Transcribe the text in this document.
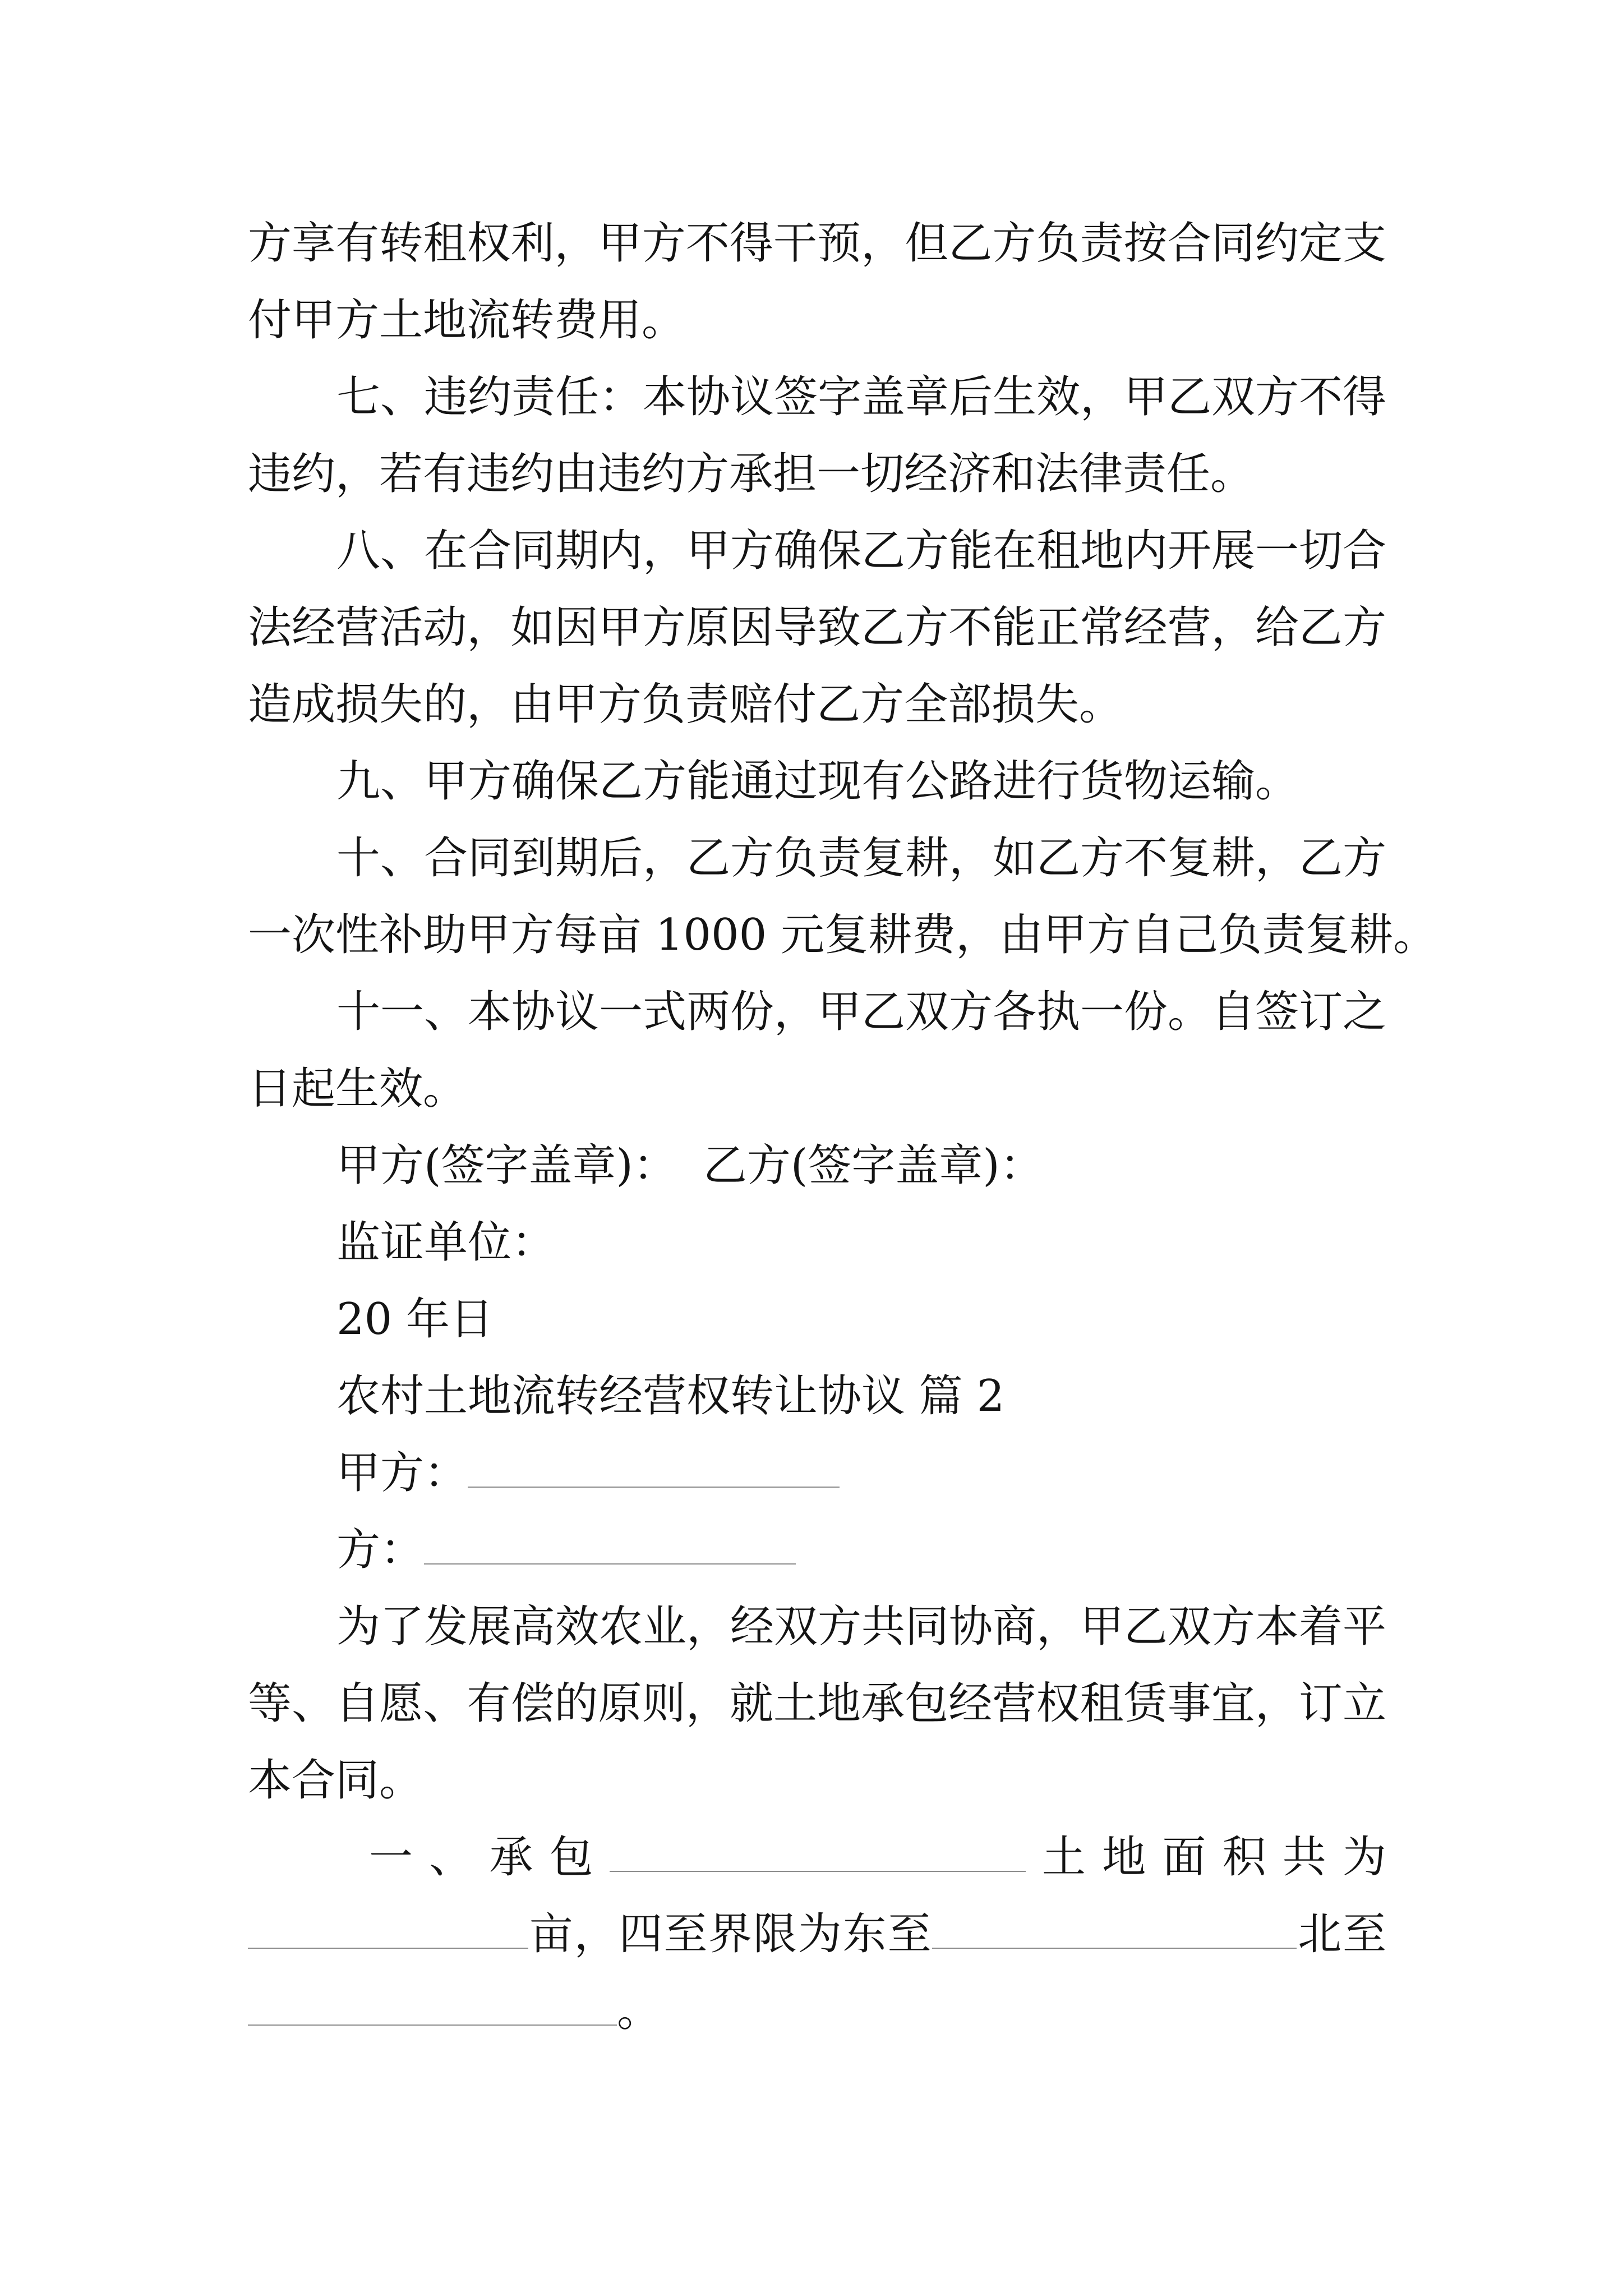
方享有转租权利，甲方不得干预，但乙方负责按合同约定支
付甲方土地流转费用。
七、违约责任：本协议签字盖章后生效，甲乙双方不得
违约，若有违约由违约方承担一切经济和法律责任。
八、在合同期内，甲方确保乙方能在租地内开展一切合
法经营活动，如因甲方原因导致乙方不能正常经营，给乙方
造成损失的，由甲方负责赔付乙方全部损失。
九、甲方确保乙方能通过现有公路进行货物运输。
十、合同到期后，乙方负责复耕，如乙方不复耕，乙方
一次性补助甲方每亩 1000 元复耕费，由甲方自己负责复耕。
十一、本协议一式两份，甲乙双方各执一份。自签订之
日起生效。
甲方(签字盖章)： 乙方(签字盖章)：
监证单位：
20 年日
农村土地流转经营权转让协议 篇 2
甲方：
方：
为了发展高效农业，经双方共同协商，甲乙双方本着平
等、自愿、有偿的原则，就土地承包经营权租赁事宜，订立
本合同。
一、承包	土地面积共为
亩，四至界限为东至	北至
。
